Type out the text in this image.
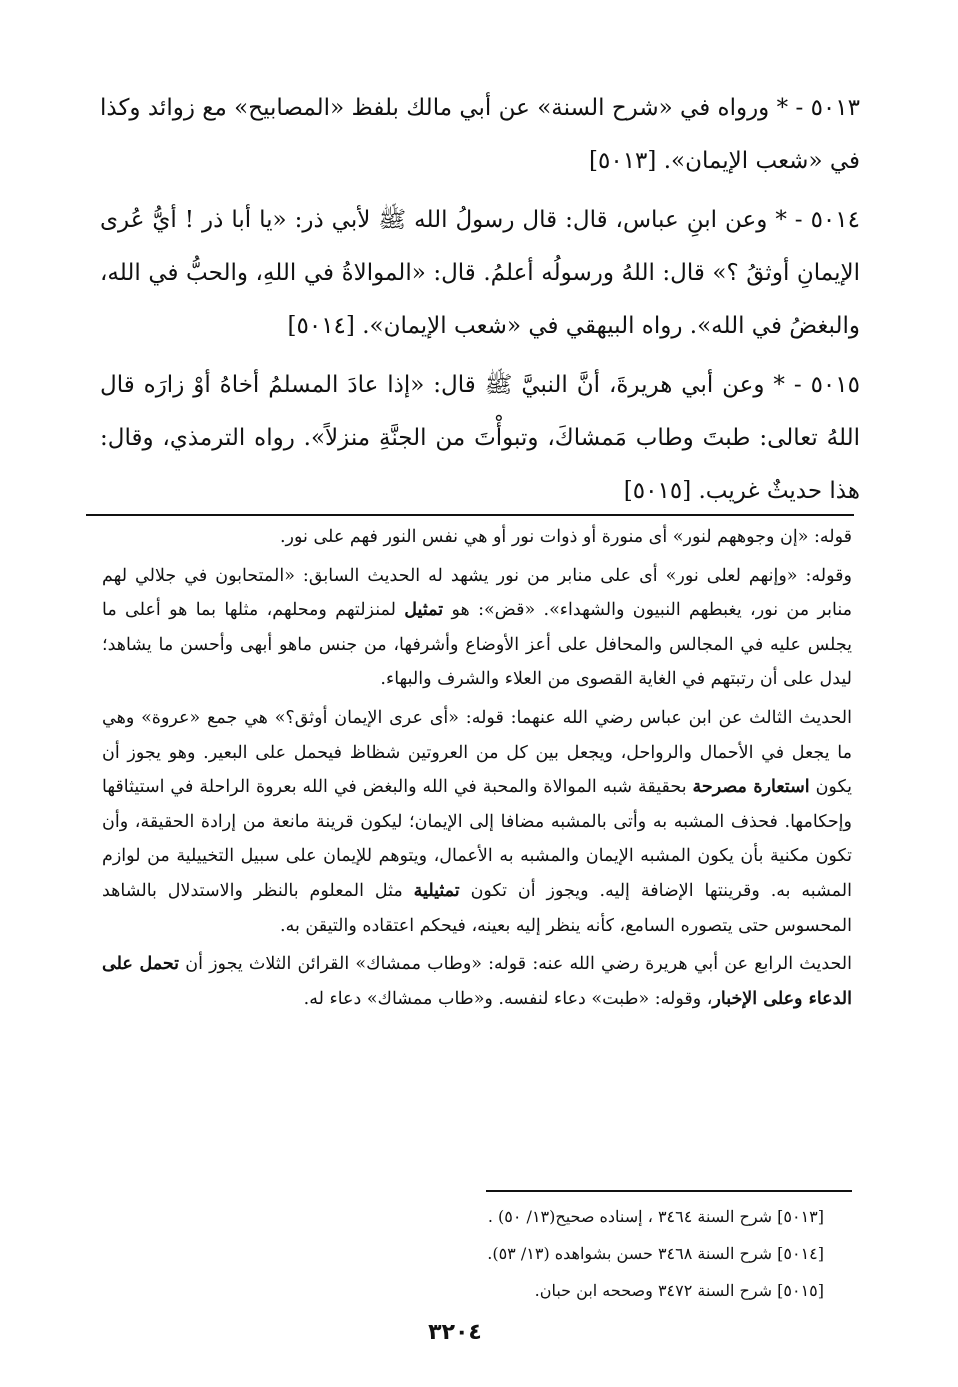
٥٠١٣ - * ورواه في «شرح السنة» عن أبي مالك بلفظ «المصابيح» مع زوائد وكذا في «شعب الإيمان». [٥٠١٣]

٥٠١٤ - * وعن ابنِ عباس، قال: قال رسولُ الله ﷺ لأبي ذر: «يا أبا ذر ! أيُّ عُرى الإيمانِ أوثقُ ؟» قال: اللهُ ورسولُه أعلمُ. قال: «الموالاةُ في اللهِ، والحبُّ في الله، والبغضُ في الله». رواه البيهقي في «شعب الإيمان». [٥٠١٤]

٥٠١٥ - * وعن أبي هريرةَ، أنَّ النبيَّ ﷺ قال: «إذا عادَ المسلمُ أخاهُ أوْ زارَه قال اللهُ تعالى: طبتَ وطاب مَمشاكَ، وتبوأْتَ من الجنَّةِ منزلاً». رواه الترمذي، وقال: هذا حديثٌ غريب. [٥٠١٥]

قوله: «إن وجوههم لنور» أى منورة أو ذوات نور أو هي نفس النور فهم على نور.

وقوله: «وإنهم لعلى نور» أى على منابر من نور يشهد له الحديث السابق: «المتحابون في جلالي لهم منابر من نور، يغبطهم النبيون والشهداء». «قض»: هو تمثيل لمنزلتهم ومحلهم، مثلها بما هو أعلى ما يجلس عليه في المجالس والمحافل على أعز الأوضاع وأشرفها، من جنس ماهو أبهى وأحسن ما يشاهد؛ ليدل على أن رتبتهم في الغاية القصوى من العلاء والشرف والبهاء.

الحديث الثالث عن ابن عباس رضي الله عنهما: قوله: «أى عرى الإيمان أوثق؟» هي جمع «عروة» وهي ما يجعل في الأحمال والرواحل، ويجعل بين كل من العروتين شظاظ فيحمل على البعير. وهو يجوز أن يكون استعارة مصرحة بحقيقة شبه الموالاة والمحبة في الله والبغض في الله بعروة الراحلة في استيثاقها وإحكامها. فحذف المشبه به وأتى بالمشبه مضافا إلى الإيمان؛ ليكون قرينة مانعة من إرادة الحقيقة، وأن تكون مكنية بأن يكون المشبه الإيمان والمشبه به الأعمال، ويتوهم للإيمان على سبيل التخييلية من لوازم المشبه به. وقرينتها الإضافة إليه. ويجوز أن تكون تمثيلية مثل المعلوم بالنظر والاستدلال بالشاهد المحسوس حتى يتصوره السامع، كأنه ينظر إليه بعينه، فيحكم اعتقاده والتيقن به.

الحديث الرابع عن أبي هريرة رضي الله عنه: قوله: «وطاب ممشاك» القرائن الثلاث يجوز أن تحمل على الدعاء وعلى الإخبار، وقوله: «طبت» دعاء لنفسه. و«طاب ممشاك» دعاء له.

[٥٠١٣] شرح السنة ٣٤٦٤ ، إسناده صحيح(١٣/ ٥٠) .

[٥٠١٤] شرح السنة ٣٤٦٨ حسن بشواهده (١٣/ ٥٣).

[٥٠١٥] شرح السنة ٣٤٧٢ وصححه ابن حبان.

٣٢٠٤
